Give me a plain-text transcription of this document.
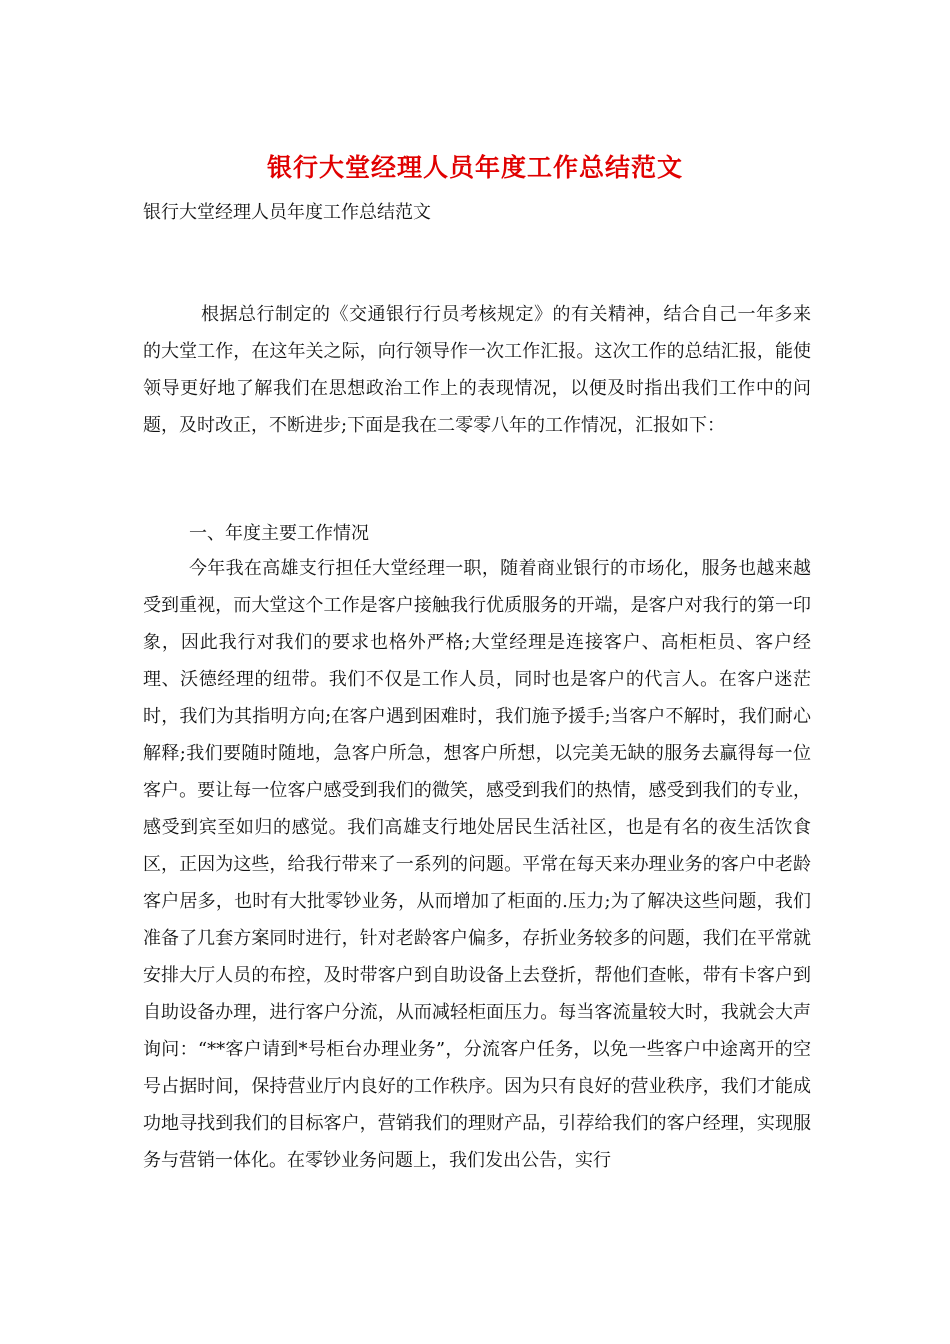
银行大堂经理人员年度工作总结范文
银行大堂经理人员年度工作总结范文
根据总行制定的《交通银行行员考核规定》的有关精神，结合自己一年多来的大堂工作，在这年关之际，向行领导作一次工作汇报。这次工作的总结汇报，能使领导更好地了解我们在思想政治工作上的表现情况，以便及时指出我们工作中的问题，及时改正，不断进步;下面是我在二零零八年的工作情况，汇报如下：
一、年度主要工作情况
今年我在高雄支行担任大堂经理一职，随着商业银行的市场化，服务也越来越受到重视，而大堂这个工作是客户接触我行优质服务的开端，是客户对我行的第一印象，因此我行对我们的要求也格外严格;大堂经理是连接客户、高柜柜员、客户经理、沃德经理的纽带。我们不仅是工作人员，同时也是客户的代言人。在客户迷茫时，我们为其指明方向;在客户遇到困难时，我们施予援手;当客户不解时，我们耐心解释;我们要随时随地，急客户所急，想客户所想，以完美无缺的服务去赢得每一位客户。要让每一位客户感受到我们的微笑，感受到我们的热情，感受到我们的专业，感受到宾至如归的感觉。我们高雄支行地处居民生活社区，也是有名的夜生活饮食区，正因为这些，给我行带来了一系列的问题。平常在每天来办理业务的客户中老龄客户居多，也时有大批零钞业务，从而增加了柜面的.压力;为了解决这些问题，我们准备了几套方案同时进行，针对老龄客户偏多，存折业务较多的问题，我们在平常就安排大厅人员的布控，及时带客户到自助设备上去登折，帮他们查帐，带有卡客户到自助设备办理，进行客户分流，从而减轻柜面压力。每当客流量较大时，我就会大声询问：“**客户请到*号柜台办理业务”，分流客户任务，以免一些客户中途离开的空号占据时间，保持营业厅内良好的工作秩序。因为只有良好的营业秩序，我们才能成功地寻找到我们的目标客户，营销我们的理财产品，引荐给我们的客户经理，实现服务与营销一体化。在零钞业务问题上，我们发出公告，实行
